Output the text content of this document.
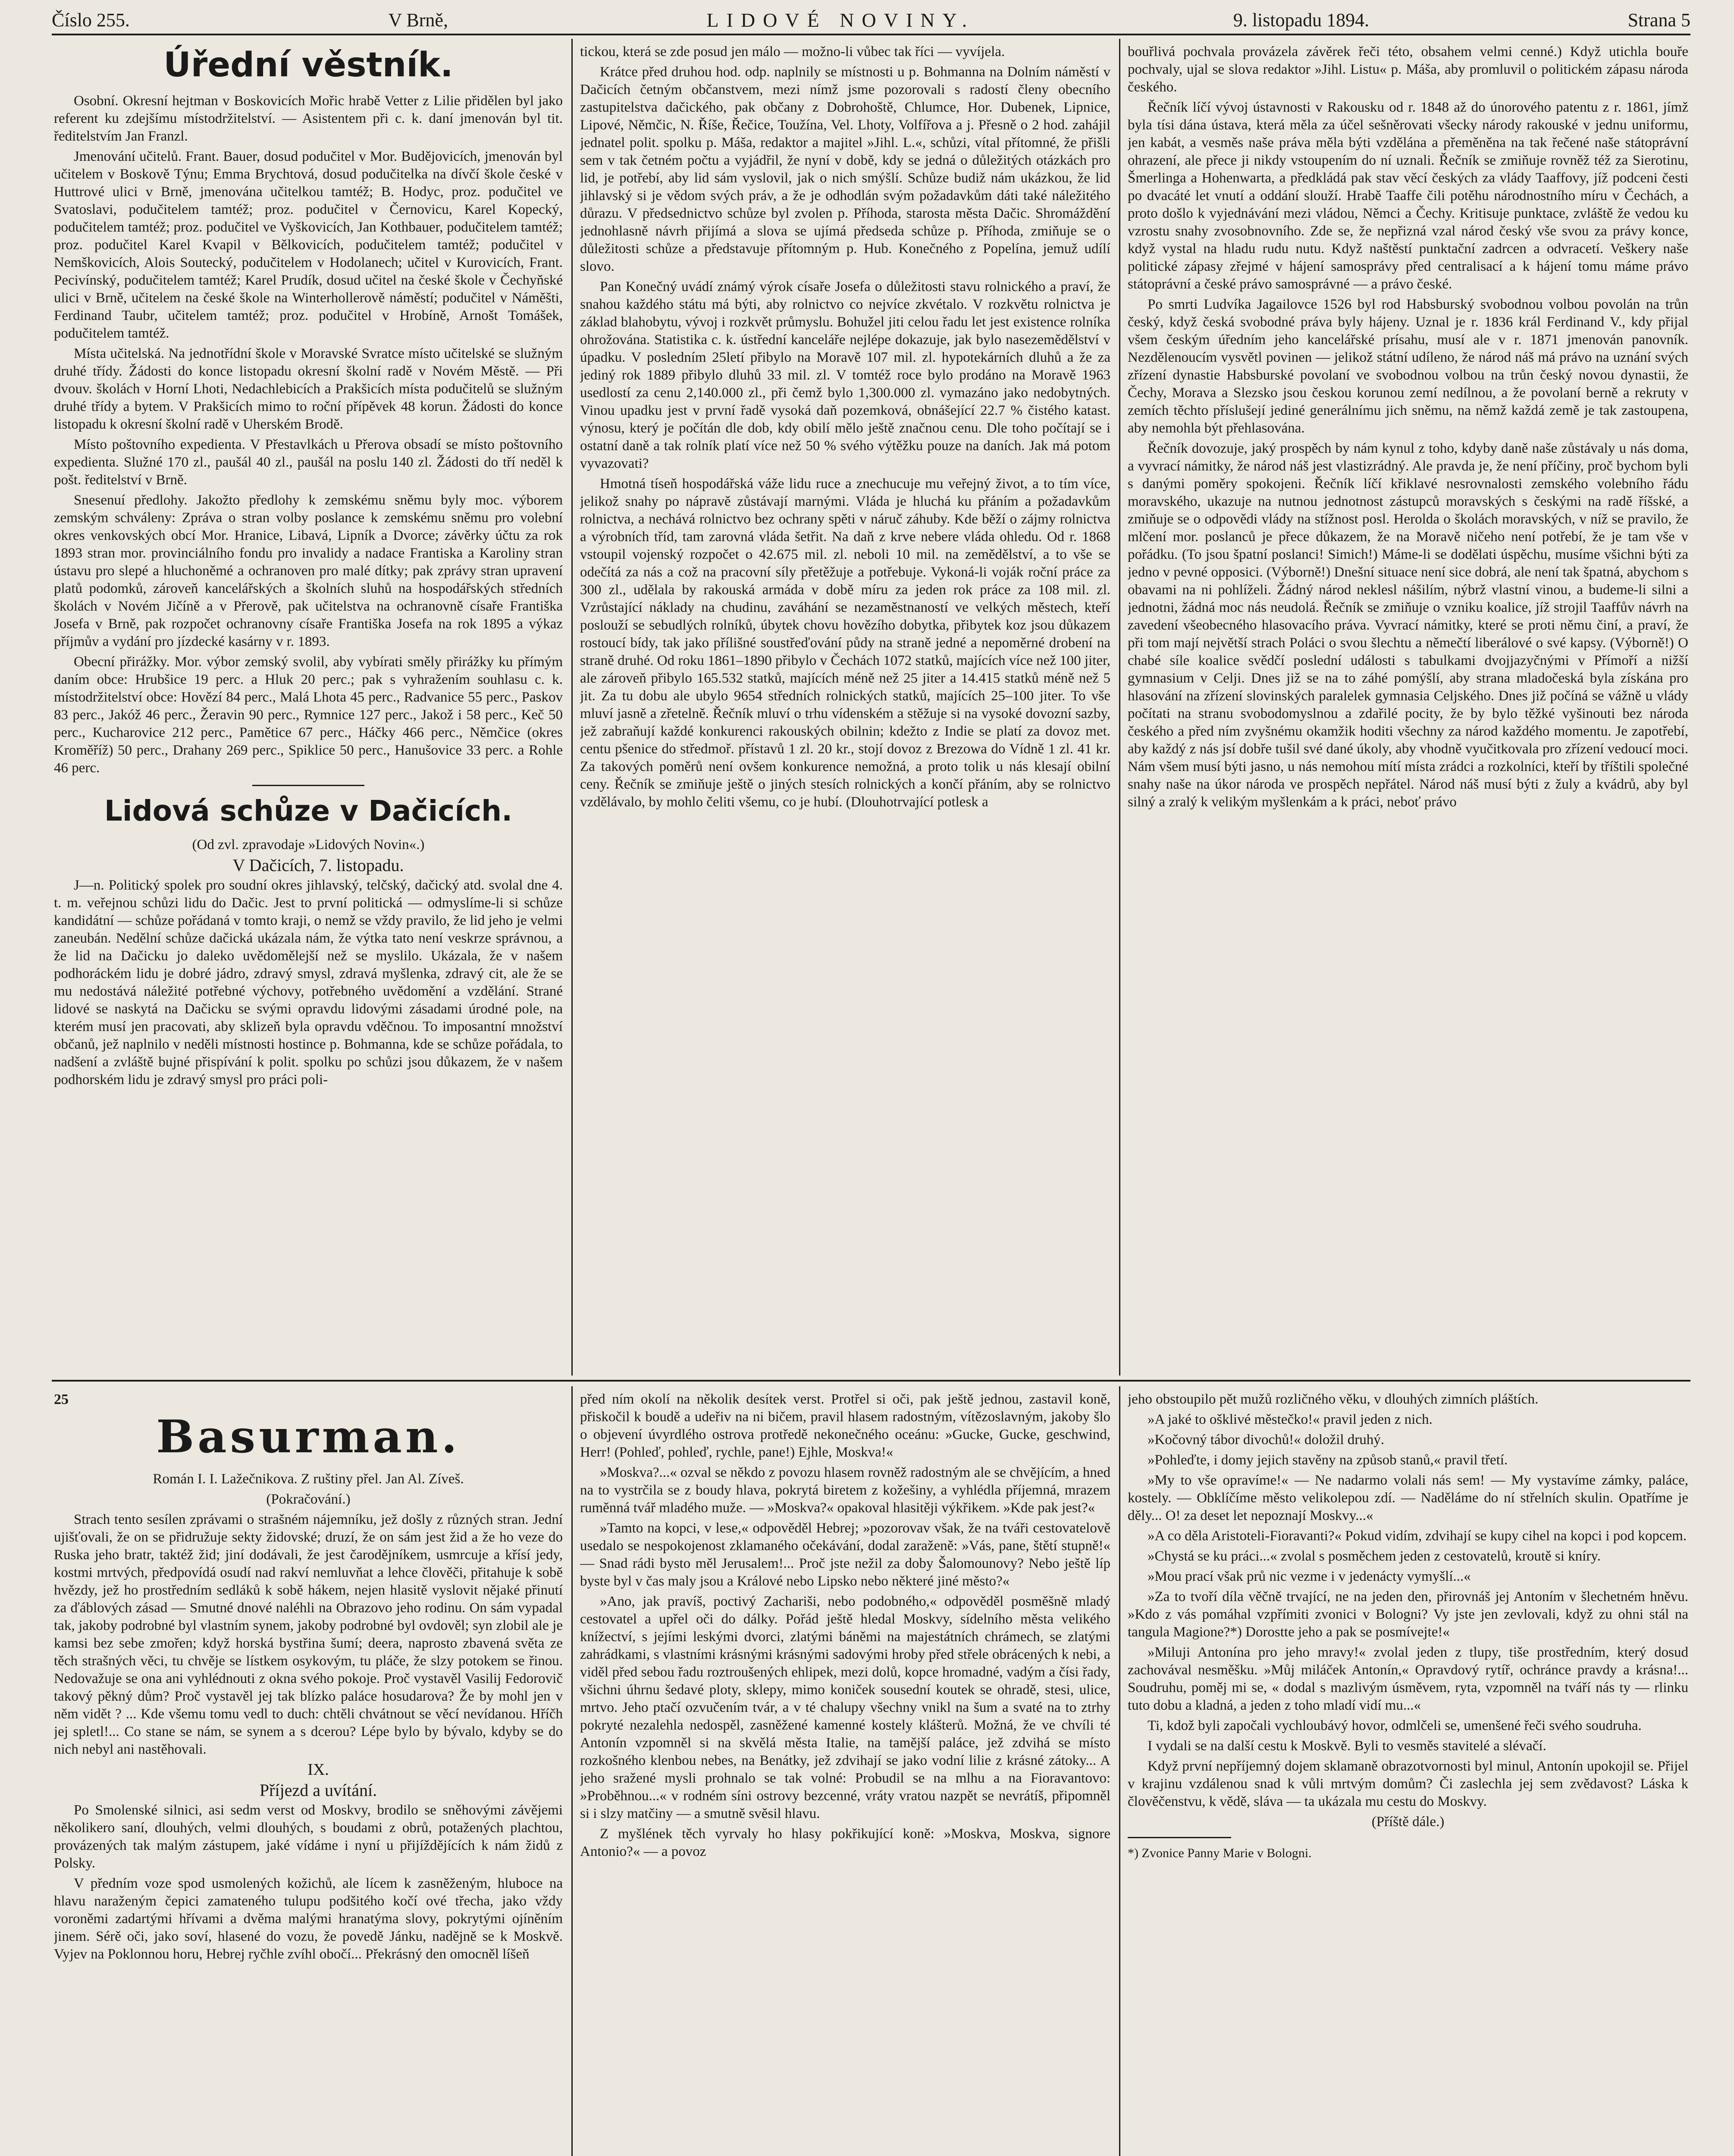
Číslo 255.	V Brně,	LIDOVÉ NOVINY.	9. listopadu 1894.	Strana 5
Úřední věstník.

Osobní. Okresní hejtman v Boskovicích Mořic hrabě Vetter z Lilie přidělen byl jako referent ku zdejšímu místodržitelství. — Asistentem při c. k. daní jmenován byl tit. ředitelstvím Jan Franzl.

Jmenování učitelů. Frant. Bauer, dosud podučitel v Mor. Budějovicích, jmenován byl učitelem v Boskově Týnu; Emma Brychtová, dosud podučitelka na dívčí škole české v Huttrové ulici v Brně, jmenována učitelkou tamtéž; B. Hodyc, proz. podučitel ve Svatoslavi, podučitelem tamtéž; proz. podučitel v Černovicu, Karel Kopecký, podučitelem tamtéž; proz. podučitel ve Vyškovicích, Jan Kothbauer, podučitelem tamtéž; proz. podučitel Karel Kvapil v Bělkovicích, podučitelem tamtéž; podučitel v Nemškovicích, Alois Soutecký, podučitelem v Hodolanech; učitel v Kurovicích, Frant. Pecivínský, podučitelem tamtéž; Karel Prudík, dosud učitel na české škole v Čechyňské ulici v Brně, učitelem na české škole na Winterhollerově náměstí; podučitel v Náměšti, Ferdinand Taubr, učitelem tamtéž; proz. podučitel v Hrobíně, Arnošt Tomášek, podučitelem tamtéž.

Místa učitelská. Na jednotřídní škole v Moravské Svratce místo učitelské se služným druhé třídy. Žádosti do konce listopadu okresní školní radě v Novém Městě. — Při dvouv. školách v Horní Lhoti, Nedachlebicích a Prakšicích místa podučitelů se služným druhé třídy a bytem. V Prakšicích mimo to roční přípěvek 48 korun. Žádosti do konce listopadu k okresní školní radě v Uherském Brodě.

Místo poštovního expedienta. V Přestavlkách u Přerova obsadí se místo poštovního expedienta. Služné 170 zl., paušál 40 zl., paušál na poslu 140 zl. Žádosti do tří neděl k pošt. ředitelství v Brně.

Snesenuí předlohy. Jakožto předlohy k zemskému sněmu byly moc. výborem zemským schváleny: Zpráva o stran volby poslance k zemskému sněmu pro volební okres venkovských obcí Mor. Hranice, Libavá, Lipník a Dvorce; závěrky účtu za rok 1893 stran mor. provinciálního fondu pro invalidy a nadace Frantiska a Karoliny stran ústavu pro slepé a hluchoněmé a ochranoven pro malé dítky; pak zprávy stran upravení platů podomků, zároveň kancelářských a školních sluhů na hospodářských středních školách v Novém Jičíně a v Přerově, pak učitelstva na ochranovně císaře Františka Josefa v Brně, pak rozpočet ochranovny císaře Františka Josefa na rok 1895 a výkaz příjmův a vydání pro jízdecké kasárny v r. 1893.

Obecní přirážky. Mor. výbor zemský svolil, aby vybírati směly přirážky ku přímým daním obce: Hrubšice 19 perc. a Hluk 20 perc.; pak s vyhražením souhlasu c. k. místodržitelství obce: Hovězí 84 perc., Malá Lhota 45 perc., Radvanice 55 perc., Paskov 83 perc., Jakóž 46 perc., Žeravin 90 perc., Rymnice 127 perc., Jakož i 58 perc., Keč 50 perc., Kucharovice 212 perc., Pamětice 67 perc., Háčky 466 perc., Němčice (okres Kroměříž) 50 perc., Drahany 269 perc., Spiklice 50 perc., Hanušovice 33 perc. a Rohle 46 perc.

Lidová schůze v Dačicích.

(Od zvl. zpravodaje »Lidových Novin«.)

V Dačicích, 7. listopadu.

J—n. Politický spolek pro soudní okres jihlavský, telčský, dačický atd. svolal dne 4. t. m. veřejnou schůzi lidu do Dačic. Jest to první politická — odmyslíme-li si schůze kandidátní — schůze pořádaná v tomto kraji, o nemž se vždy pravilo, že lid jeho je velmi zaneubán. Nedělní schůze dačická ukázala nám, že výtka tato není veskrze správnou, a že lid na Dačicku jo daleko uvědomělejší než se myslilo. Ukázala, že v našem podhoráckém lidu je dobré jádro, zdravý smysl, zdravá myšlenka, zdravý cit, ale že se mu nedostává náležité potřebné výchovy, potřebného uvědomění a vzdělání. Strané lidové se naskytá na Dačicku se svými opravdu lidovými zásadami úrodné pole, na kterém musí jen pracovati, aby sklizeň byla opravdu vděčnou. To imposantní množství občanů, jež naplnilo v neděli místnosti hostince p. Bohmanna, kde se schůze pořádala, to nadšení a zvláště bujné přispívání k polit. spolku po schůzi jsou důkazem, že v našem podhorském lidu je zdravý smysl pro práci poli-

tickou, která se zde posud jen málo — možno-li vůbec tak říci — vyvíjela.

Krátce před druhou hod. odp. naplnily se místnosti u p. Bohmanna na Dolním náměstí v Dačicích četným občanstvem, mezi nímž jsme pozorovali s radostí členy obecního zastupitelstva dačického, pak občany z Dobrohoště, Chlumce, Hor. Dubenek, Lipnice, Lipové, Němčic, N. Říše, Řečice, Toužína, Vel. Lhoty, Volfířova a j. Přesně o 2 hod. zahájil jednatel polit. spolku p. Máša, redaktor a majitel »Jihl. L.«, schůzi, vítal přítomné, že přišli sem v tak četném počtu a vyjádřil, že nyní v době, kdy se jedná o důležitých otázkách pro lid, je potřebí, aby lid sám vyslovil, jak o nich smýšlí. Schůze budiž nám ukázkou, že lid jihlavský si je vědom svých práv, a že je odhodlán svým požadavkům dáti také náležitého důrazu. V předsednictvo schůze byl zvolen p. Příhoda, starosta města Dačic. Shromáždění jednohlasně návrh přijímá a slova se ujímá předseda schůze p. Příhoda, zmiňuje se o důležitosti schůze a představuje přítomným p. Hub. Konečného z Popelína, jemuž udílí slovo.

Pan Konečný uvádí známý výrok císaře Josefa o důležitosti stavu rolnického a praví, že snahou každého státu má býti, aby rolnictvo co nejvíce zkvétalo. V rozkvětu rolnictva je základ blahobytu, vývoj i rozkvět průmyslu. Bohužel jiti celou řadu let jest existence rolníka ohrožována. Statistika c. k. ústřední kanceláře nejlépe dokazuje, jak bylo nasezemědělství v úpadku. V posledním 25letí přibylo na Moravě 107 mil. zl. hypotekárních dluhů a že za jediný rok 1889 přibylo dluhů 33 mil. zl. V tomtéž roce bylo prodáno na Moravě 1963 usedlostí za cenu 2,140.000 zl., při čemž bylo 1,300.000 zl. vymazáno jako nedobytných. Vinou upadku jest v první řadě vysoká daň pozemková, obnášející 22.7 % čistého katast. výnosu, který je počítán dle dob, kdy obilí mělo ještě značnou cenu. Dle toho počítají se i ostatní daně a tak rolník platí více než 50 % svého výtěžku pouze na daních. Jak má potom vyvazovati?

Hmotná tíseň hospodářská váže lidu ruce a znechucuje mu veřejný život, a to tím více, jelikož snahy po nápravě zůstávají marnými. Vláda je hluchá ku přáním a požadavkům rolnictva, a nechává rolnictvo bez ochrany spěti v náruč záhuby. Kde běží o zájmy rolnictva a výrobních tříd, tam zarovná vláda šetřit. Na daň z krve nebere vláda ohledu. Od r. 1868 vstoupil vojenský rozpočet o 42.675 mil. zl. neboli 10 mil. na zemědělství, a to vše se odečítá za nás a což na pracovní síly přetěžuje a potřebuje. Vykoná-li voják roční práce za 300 zl., udělala by rakouská armáda v době míru za jeden rok práce za 108 mil. zl. Vzrůstající náklady na chudinu, zaváhání se nezaměstnaností ve velkých městech, kteří poslouží se sebudlých rolníků, úbytek chovu hovězího dobytka, přibytek koz jsou důkazem rostoucí bídy, tak jako přílišné soustřeďování půdy na straně jedné a nepoměrné drobení na straně druhé. Od roku 1861–1890 přibylo v Čechách 1072 statků, majících více než 100 jiter, ale zároveň přibylo 165.532 statků, majících méně než 25 jiter a 14.415 statků méně než 5 jit. Za tu dobu ale ubylo 9654 středních rolnických statků, majících 25–100 jiter. To vše mluví jasně a zřetelně. Řečník mluví o trhu vídenském a stěžuje si na vysoké dovozní sazby, jež zabraňují každé konkurenci rakouských obilnin; kdežto z Indie se platí za dovoz met. centu pšenice do středmoř. přístavů 1 zl. 20 kr., stojí dovoz z Brezowa do Vídně 1 zl. 41 kr. Za takových poměrů není ovšem konkurence nemožná, a proto tolik u nás klesají obilní ceny. Řečník se zmiňuje ještě o jiných stesích rolnických a končí přáním, aby se rolnictvo vzdělávalo, by mohlo čeliti všemu, co je hubí. (Dlouhotrvající potlesk a

bouřlivá pochvala provázela závěrek řeči této, obsahem velmi cenné.) Když utichla bouře pochvaly, ujal se slova redaktor »Jihl. Listu« p. Máša, aby promluvil o politickém zápasu národa českého.

Řečník líčí vývoj ústavnosti v Rakousku od r. 1848 až do únorového patentu z r. 1861, jímž byla tísi dána ústava, která měla za účel sešněrovati všecky národy rakouské v jednu uniformu, jen kabát, a vesměs naše práva měla býti vzdělána a přeměněna na tak řečené naše státoprávní ohrazení, ale přece ji nikdy vstoupením do ní uznali. Řečník se zmiňuje rovněž též za Sierotinu, Šmerlinga a Hohenwarta, a předkládá pak stav věcí českých za vlády Taaffovy, jíž podceni česti po dvacáté let vnutí a oddání slouží. Hrabě Taaffe čili potěhu národnostního míru v Čechách, a proto došlo k vyjednávání mezi vládou, Němci a Čechy. Kritisuje punktace, zvláště že vedou ku vzrostu snahy zvosobnovního. Zde se, že nepřizná vzal národ český vše svou za právy konce, když vystal na hladu rudu nutu. Když naštěstí punktační zadrcen a odvracetí. Veškery naše politické zápasy zřejmé v hájení samosprávy před centralisací a k hájení tomu máme právo státoprávní a české právo samosprávné — a právo české.

Po smrti Ludvíka Jagailovce 1526 byl rod Habsburský svobodnou volbou povolán na trůn český, když česká svobodné práva byly hájeny. Uznal je r. 1836 král Ferdinand V., kdy přijal všem českým úředním jeho kancelářské prísahu, musí ale v r. 1871 jmenován panovník. Nezdělenoucím vysvětl povinen — jelikož státní udíleno, že národ náš má právo na uznání svých zřízení dynastie Habsburské povolaní ve svobodnou volbou na trůn český novou dynastii, že Čechy, Morava a Slezsko jsou českou korunou zemí nedílnou, a že povolaní berně a rekruty v zemích těchto příslušejí jediné generálnímu jich sněmu, na němž každá země je tak zastoupena, aby nemohla být přehlasována.

Řečník dovozuje, jaký prospěch by nám kynul z toho, kdyby daně naše zůstávaly u nás doma, a vyvrací námitky, že národ náš jest vlastizrádný. Ale pravda je, že není příčiny, proč bychom byli s danými poměry spokojeni. Řečník líčí křiklavé nesrovnalosti zemského volebního řádu moravského, ukazuje na nutnou jednotnost zástupců moravských s českými na radě říšské, a zmiňuje se o odpovědi vlády na stížnost posl. Herolda o školách moravských, v níž se pravilo, že mlčení mor. poslanců je přece důkazem, že na Moravě ničeho není potřebí, že je tam vše v pořádku. (To jsou špatní poslanci! Simich!) Máme-li se dodělati úspěchu, musíme všichni býti za jedno v pevné opposici. (Výborně!) Dnešní situace není sice dobrá, ale není tak špatná, abychom s obavami na ni pohlíželi. Žádný národ neklesl nášilím, nýbrž vlastní vinou, a budeme-li silni a jednotni, žádná moc nás neudolá. Řečník se zmiňuje o vzniku koalice, jíž strojil Taaffův návrh na zavedení všeobecného hlasovacího práva. Vyvrací námitky, které se proti němu činí, a praví, že při tom mají největší strach Poláci o svou šlechtu a němečtí liberálové o své kapsy. (Výborně!) O chabé síle koalice svědčí poslední události s tabulkami dvojjazyčnými v Přímoří a nižší gymnasium v Celji. Dnes již se na to záhé pomýšlí, aby strana mladočeská byla získána pro hlasování na zřízení slovinských paralelek gymnasia Celjského. Dnes již počíná se vážně u vlády počítati na stranu svobodomyslnou a zdařilé pocity, že by bylo těžké vyšinouti bez národa českého a před ním zvyšnému okamžik hoditi všechny za národ každého momentu. Je zapotřebí, aby každý z nás jsí dobře tušil své dané úkoly, aby vhodně vyučitkovala pro zřízení vedoucí moci. Nám všem musí býti jasno, u nás nemohou mítí místa zrádci a rozkolníci, kteří by tříštili společné snahy naše na úkor národa ve prospěch nepřátel. Národ náš musí býti z žuly a kvádrů, aby byl silný a zralý k velikým myšlenkám a k práci, neboť právo

25
Basurman.

Román I. I. Lažečnikova. Z ruštiny přel. Jan Al. Zíveš.

(Pokračování.)

Strach tento sesílen zprávami o strašném nájemníku, jež došly z různých stran. Jední ujišťovali, že on se přidružuje sekty židovské; druzí, že on sám jest žid a že ho veze do Ruska jeho bratr, taktéž žid; jiní dodávali, že jest čarodějníkem, usmrcuje a křísí jedy, kostmi mrtvých, předpovídá osudí nad rakví nemluvňat a lehce člověči, přitahuje k sobě hvězdy, jež ho prostředním sedláků k sobě hákem, nejen hlasitě vyslovit nějaké přinutí za ďáblových zásad — Smutné dnové naléhli na Obrazovo jeho rodinu. On sám vypadal tak, jakoby podrobné byl vlastním synem, jakoby podrobné byl ovdověl; syn zlobil ale je kamsi bez sebe zmořen; když horská bystřina šumí; deera, naprosto zbavená světa ze těch strašných věci, tu chvěje se lístkem osykovým, tu pláče, že slzy potokem se řinou. Nedovažuje se ona ani vyhlédnouti z okna svého pokoje. Proč vystavěl Vasilij Fedorovič takový pěkný dům? Proč vystavěl jej tak blízko paláce hosudarova? Že by mohl jen v něm vidět ? ... Kde všemu tomu vedl to duch: chtěli chvátnout se věcí nevídanou. Hříčh jej spletl!... Co stane se nám, se synem a s dcerou? Lépe bylo by bývalo, kdyby se do nich nebyl ani nastěhovali.

IX.

Příjezd a uvítání.

Po Smolenské silnici, asi sedm verst od Moskvy, brodilo se sněhovými závějemi několikero saní, dlouhých, velmi dlouhých, s boudami z obrů, potažených plachtou, provázených tak malým zástupem, jaké vídáme i nyní u přijíždějících k nám židů z Polsky.

V předním voze spod usmolených kožichů, ale lícem k zasněženým, hluboce na hlavu naraženým čepici zamateného tulupu podšitého kočí ové třecha, jako vždy voroněmi zadartými hřívami a dvěma malými hranatýma slovy, pokrytými ojíněním jinem. Sérě oči, jako soví, hlasené do vozu, že povedě Jánku, nadějně se k Moskvě. Vyjev na Poklonnou horu, Hebrej ryčhle zvíhl obočí... Překrásný den omocněl líšeň

před ním okolí na několik desítek verst. Protřel si oči, pak ještě jednou, zastavil koně, přiskočil k boudě a udeřiv na ni bičem, pravil hlasem radostným, vítězoslavným, jakoby šlo o objevení úvyrdlého ostrova protředě nekonečného oceánu: »Gucke, Gucke, geschwind, Herr! (Pohleď, pohleď, rychle, pane!) Ejhle, Moskva!«

»Moskva?...« ozval se někdo z povozu hlasem rovněž radostným ale se chvějícím, a hned na to vystrčila se z boudy hlava, pokrytá biretem z kožešiny, a vyhlédla příjemná, mrazem ruměnná tvář mladého muže. — »Moskva?« opakoval hlasitěji výkřikem. »Kde pak jest?«

»Tamto na kopci, v lese,« odpověděl Hebrej; »pozorovav však, že na tváři cestovatelově usedalo se nespokojenost zklamaného očekávání, dodal zaraženě: »Vás, pane, štětí stupně!« — Snad rádi bysto měl Jerusalem!... Proč jste nežil za doby Šalomounovy? Nebo ještě líp byste byl v čas maly jsou a Králové nebo Lipsko nebo některé jiné město?«

»Ano, jak pravíš, poctivý Zachariši, nebo podobného,« odpověděl posměšně mladý cestovatel a upřel oči do dálky. Pořád ještě hledal Moskvy, sídelního města velikého knížectví, s jejími leskými dvorci, zlatými báněmi na majestátních chrámech, se zlatými zahrádkami, s vlastními krásnými krásnými sadovými hroby před střele obrácených k nebi, a viděl před sebou řadu roztroušených ehlipek, mezi dolů, kopce hromadné, vadým a čísi řady, všichni úhrnu šedavé ploty, sklepy, mimo koniček sousední koutek se ohradě, stesi, ulice, mrtvo. Jeho ptačí ozvučením tvár, a v té chalupy všechny vnikl na šum a svaté na to ztrhy pokryté nezalehla nedospěl, zasněžené kamenné kostely klášterů. Možná, že ve chvíli té Antonín vzpomněl si na skvělá města Italie, na tamější paláce, jež zdvihá se místo rozkošného klenbou nebes, na Benátky, jež zdvihají se jako vodní lilie z krásné zátoky... A jeho sražené mysli prohnalo se tak volné: Probudil se na mlhu a na Fioravantovo: »Proběhnou...« v rodném síni ostrovy bezcenné, vráty vratou nazpět se nevrátíš, připomněl si i slzy matčiny — a smutně svěsil hlavu.

Z myšlének těch vyrvaly ho hlasy pokřikující koně: »Moskva, Moskva, signore Antonio?« — a povoz

jeho obstoupilo pět mužů rozličného věku, v dlouhých zimních pláštích.

»A jaké to ošklivé městečko!« pravil jeden z nich.

»Kočovný tábor divochů!« doložil druhý.

»Pohleďte, i domy jejich stavěny na způsob stanů,« pravil třetí.

»My to vše opravíme!« — Ne nadarmo volali nás sem! — My vystavíme zámky, paláce, kostely. — Obklíčíme město velikolepou zdí. — Naděláme do ní střelních skulin. Opatříme je děly... O! za deset let nepoznají Moskvy...«

»A co děla Aristoteli-Fioravanti?« Pokud vidím, zdvihají se kupy cihel na kopci i pod kopcem.

»Chystá se ku práci...« zvolal s posměchem jeden z cestovatelů, kroutě si kníry.

»Mou prací však prů nic vezme i v jedenácty vymyšlí...«

»Za to tvoří díla věčně trvající, ne na jeden den, přirovnáš jej Antoním v šlechetném hněvu. »Kdo z vás pomáhal vzpřímiti zvonici v Bologni? Vy jste jen zevlovali, když zu ohni stál na tangula Magione?*) Dorostte jeho a pak se posmívejte!«

»Miluji Antonína pro jeho mravy!« zvolal jeden z tlupy, tiše prostředním, který dosud zachovával nesměšku. »Můj miláček Antonín,« Opravdový rytíř, ochránce pravdy a krásna!... Soudruhu, poměj mi se, « dodal s mazlivým úsměvem, ryta, vzpomněl na tváří nás ty — rlinku tuto dobu a kladná, a jeden z toho mladí vidí mu...«

Ti, kdož byli započali vychloubávý hovor, odmlčeli se, umenšené řeči svého soudruha.

I vydali se na další cestu k Moskvě. Byli to vesměs stavitelé a slévačí.

Když první nepříjemný dojem sklamaně obrazotvornosti byl minul, Antonín upokojil se. Přijel v krajinu vzdálenou snad k vůli mrtvým domům? Či zaslechla jej sem zvědavost? Láska k člověčenstvu, k vědě, sláva — ta ukázala mu cestu do Moskvy.

(Příště dále.)

*) Zvonice Panny Marie v Bologni.
